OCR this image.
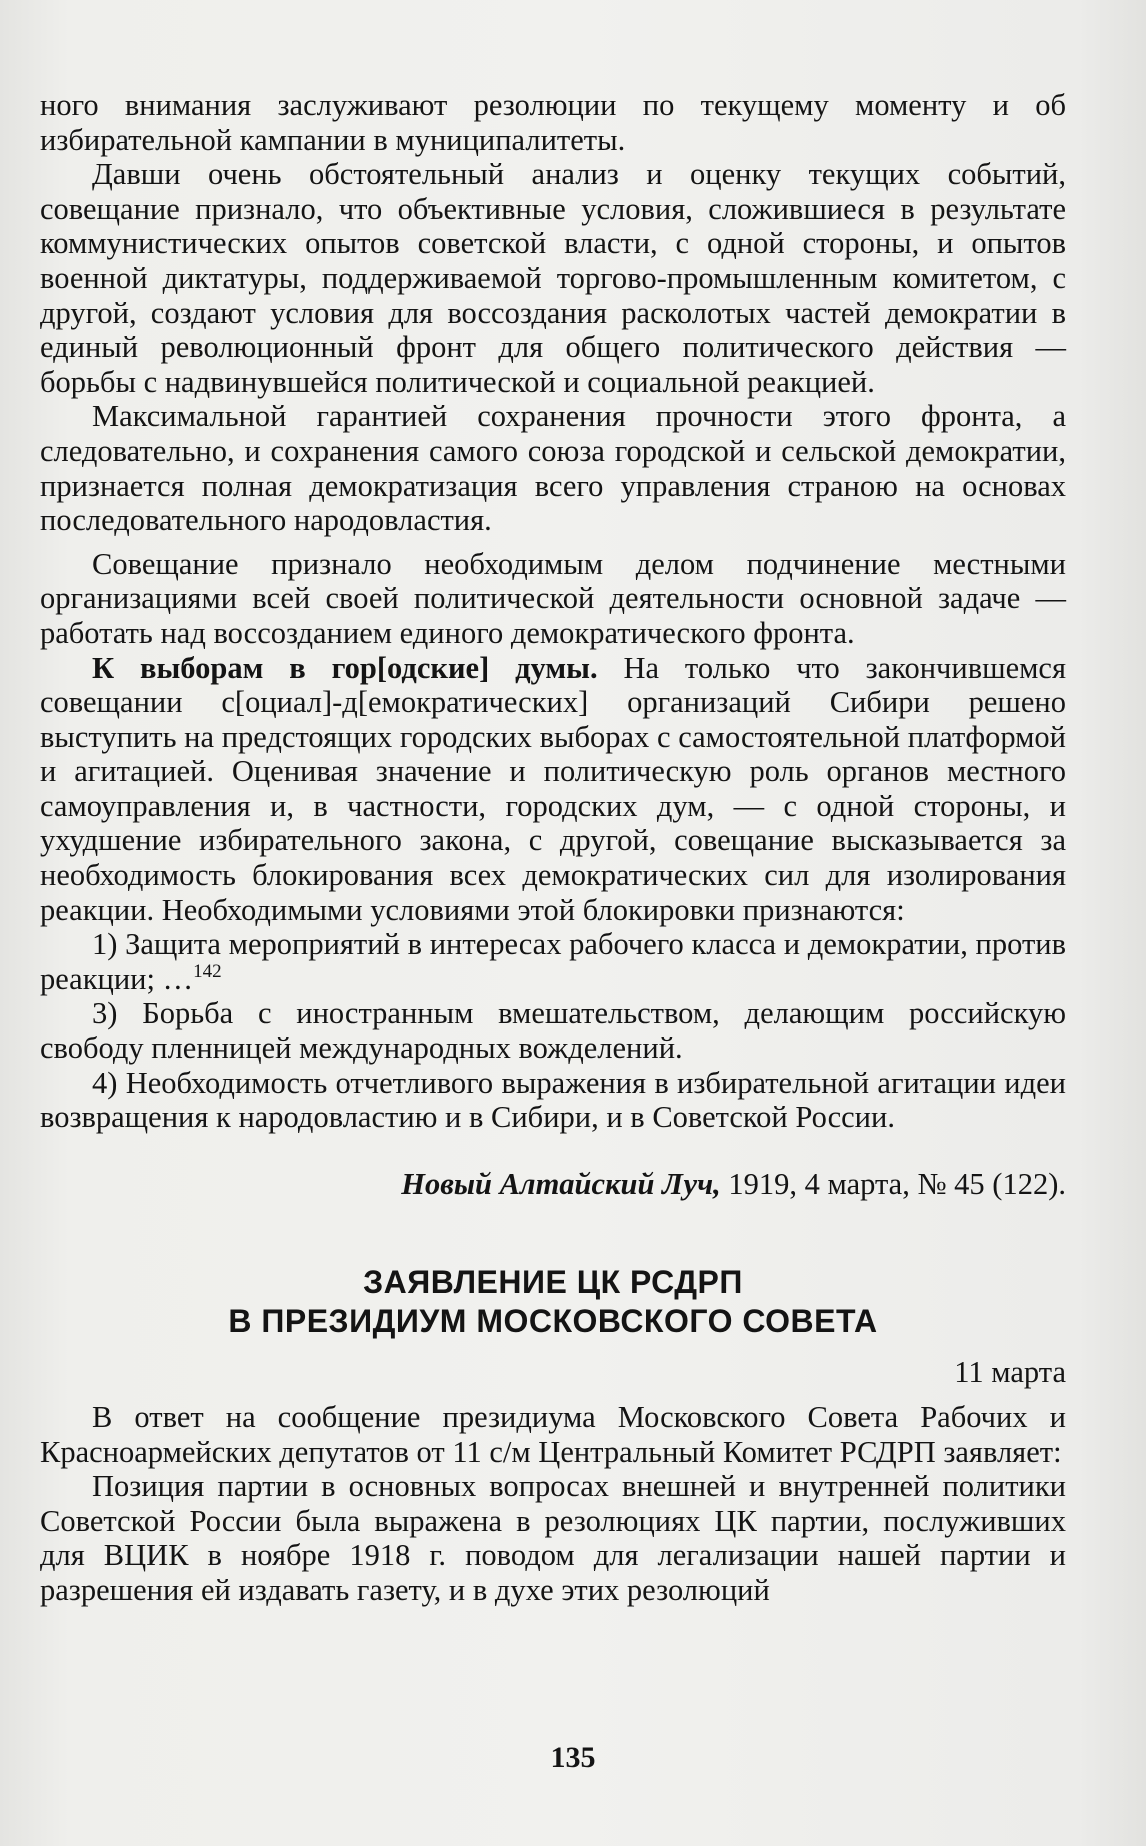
ного внимания заслуживают резолюции по текущему моменту и об избирательной кампании в муниципалитеты.

Давши очень обстоятельный анализ и оценку текущих событий, совещание признало, что объективные условия, сложившиеся в результате коммунистических опытов советской власти, с одной стороны, и опытов военной диктатуры, поддерживаемой торгово-промышленным комитетом, с другой, создают условия для воссоздания расколотых частей демократии в единый революционный фронт для общего политического действия — борьбы с надвинувшейся политической и социальной реакцией.

Максимальной гарантией сохранения прочности этого фронта, а следовательно, и сохранения самого союза городской и сельской демократии, признается полная демократизация всего управления страною на основах последовательного народовластия.

Совещание признало необходимым делом подчинение местными организациями всей своей политической деятельности основной задаче — работать над воссозданием единого демократического фронта.

К выборам в гор[одские] думы. На только что закончившемся совещании с[оциал]-д[емократических] организаций Сибири решено выступить на предстоящих городских выборах с самостоятельной платформой и агитацией. Оценивая значение и политическую роль органов местного самоуправления и, в частности, городских дум, — с одной стороны, и ухудшение избирательного закона, с другой, совещание высказывается за необходимость блокирования всех демократических сил для изолирования реакции. Необходимыми условиями этой блокировки признаются:

1) Защита мероприятий в интересах рабочего класса и демократии, против реакции; …$^{142}$

3) Борьба с иностранным вмешательством, делающим российскую свободу пленницей международных вожделений.

4) Необходимость отчетливого выражения в избирательной агитации идеи возвращения к народовластию и в Сибири, и в Советской России.

Новый Алтайский Луч, 1919, 4 марта, № 45 (122).
ЗАЯВЛЕНИЕ ЦК РСДРП
В ПРЕЗИДИУМ МОСКОВСКОГО СОВЕТА
11 марта

В ответ на сообщение президиума Московского Совета Рабочих и Красноармейских депутатов от 11 с/м Центральный Комитет РСДРП заявляет:

Позиция партии в основных вопросах внешней и внутренней политики Советской России была выражена в резолюциях ЦК партии, послуживших для ВЦИК в ноябре 1918 г. поводом для легализации нашей партии и разрешения ей издавать газету, и в духе этих резолюций

135
